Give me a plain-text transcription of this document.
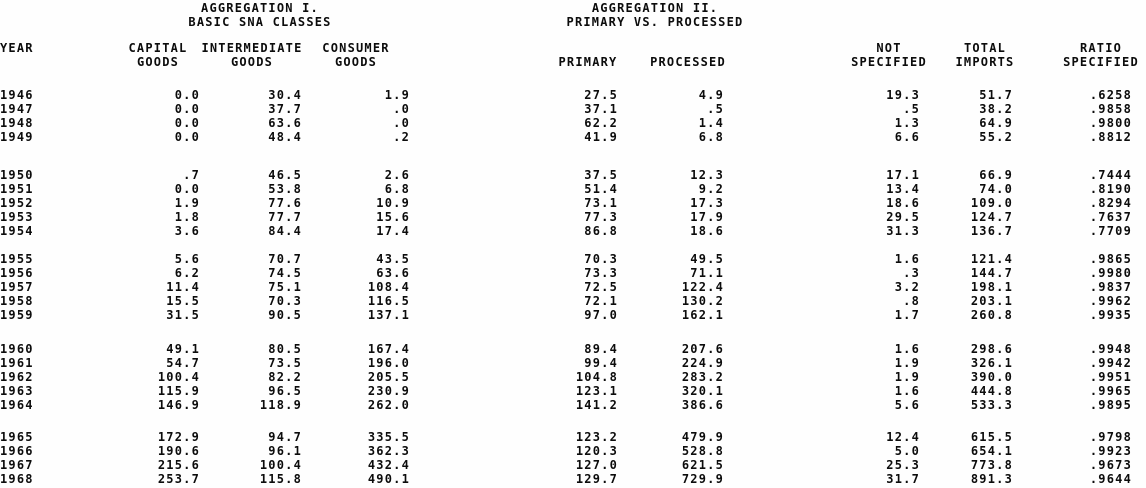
AGGREGATION I.
BASIC SNA CLASSES
AGGREGATION II.
PRIMARY VS. PROCESSED
YEAR	CAPITAL	INTERMEDIATE	CONSUMER	NOT	TOTAL	RATIO
GOODS	GOODS	GOODS	PRIMARY	PROCESSED	SPECIFIED	IMPORTS	SPECIFIED
1946	0.0	30.4	1.9	27.5	4.9	19.3	51.7	.6258
1947	0.0	37.7	.0	37.1	.5	.5	38.2	.9858
1948	0.0	63.6	.0	62.2	1.4	1.3	64.9	.9800
1949	0.0	48.4	.2	41.9	6.8	6.6	55.2	.8812
1950	.7	46.5	2.6	37.5	12.3	17.1	66.9	.7444
1951	0.0	53.8	6.8	51.4	9.2	13.4	74.0	.8190
1952	1.9	77.6	10.9	73.1	17.3	18.6	109.0	.8294
1953	1.8	77.7	15.6	77.3	17.9	29.5	124.7	.7637
1954	3.6	84.4	17.4	86.8	18.6	31.3	136.7	.7709
1955	5.6	70.7	43.5	70.3	49.5	1.6	121.4	.9865
1956	6.2	74.5	63.6	73.3	71.1	.3	144.7	.9980
1957	11.4	75.1	108.4	72.5	122.4	3.2	198.1	.9837
1958	15.5	70.3	116.5	72.1	130.2	.8	203.1	.9962
1959	31.5	90.5	137.1	97.0	162.1	1.7	260.8	.9935
1960	49.1	80.5	167.4	89.4	207.6	1.6	298.6	.9948
1961	54.7	73.5	196.0	99.4	224.9	1.9	326.1	.9942
1962	100.4	82.2	205.5	104.8	283.2	1.9	390.0	.9951
1963	115.9	96.5	230.9	123.1	320.1	1.6	444.8	.9965
1964	146.9	118.9	262.0	141.2	386.6	5.6	533.3	.9895
1965	172.9	94.7	335.5	123.2	479.9	12.4	615.5	.9798
1966	190.6	96.1	362.3	120.3	528.8	5.0	654.1	.9923
1967	215.6	100.4	432.4	127.0	621.5	25.3	773.8	.9673
1968	253.7	115.8	490.1	129.7	729.9	31.7	891.3	.9644
